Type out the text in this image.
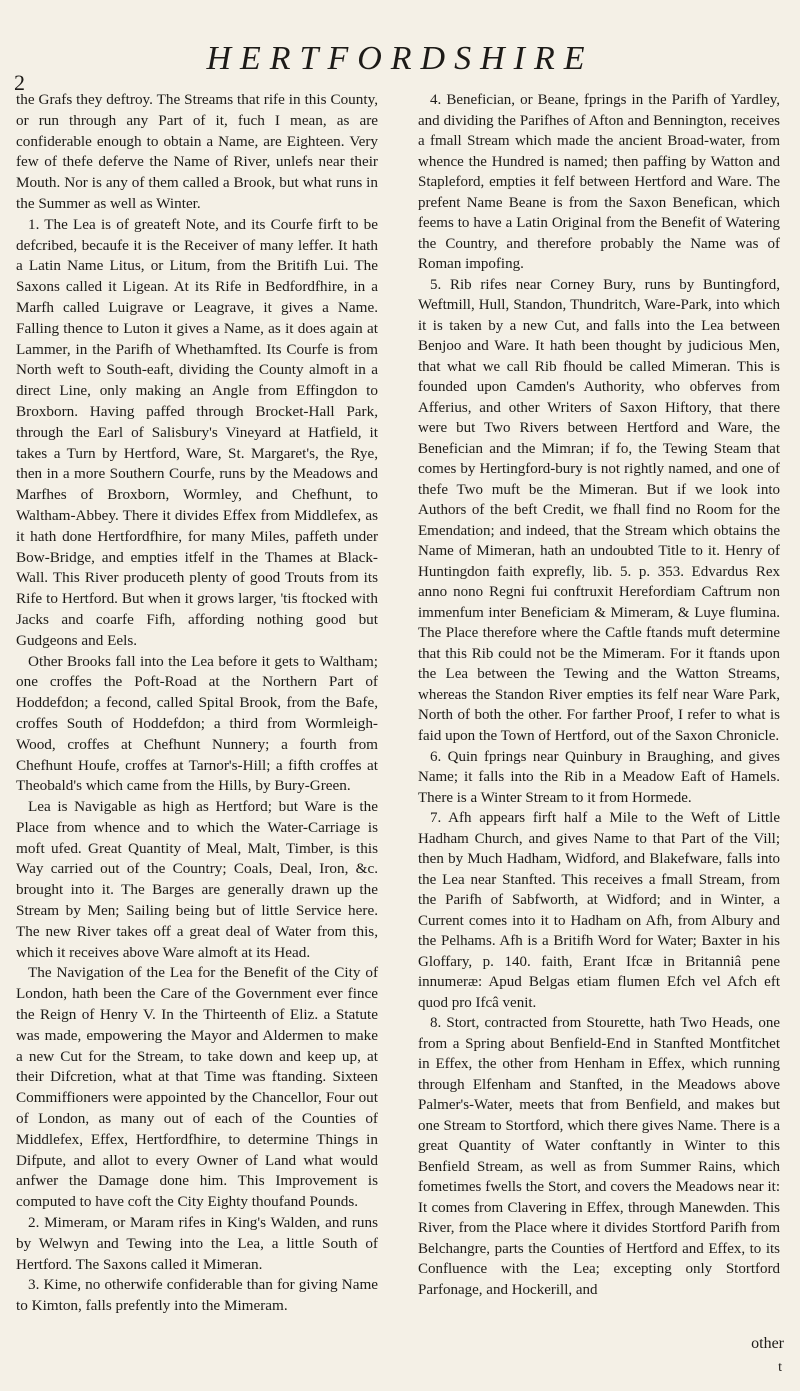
2
HERTFORDSHIRE

the Grafs they deftroy. The Streams that rife in this County, or run through any Part of it, fuch I mean, as are confiderable enough to obtain a Name, are Eighteen. Very few of thefe deferve the Name of River, unlefs near their Mouth. Nor is any of them called a Brook, but what runs in the Summer as well as Winter.

1. The Lea is of greateft Note, and its Courfe firft to be defcribed, becaufe it is the Receiver of many leffer. It hath a Latin Name Litus, or Litum, from the Britifh Lui. The Saxons called it Ligean. At its Rife in Bedfordfhire, in a Marfh called Luigrave or Leagrave, it gives a Name. Falling thence to Luton it gives a Name, as it does again at Lammer, in the Parifh of Whethamfted. Its Courfe is from North weft to South-eaft, dividing the County almoft in a direct Line, only making an Angle from Effingdon to Broxborn. Having paffed through Brocket-Hall Park, through the Earl of Salisbury's Vineyard at Hatfield, it takes a Turn by Hertford, Ware, St. Margaret's, the Rye, then in a more Southern Courfe, runs by the Meadows and Marfhes of Broxborn, Wormley, and Chefhunt, to Waltham-Abbey. There it divides Effex from Middlefex, as it hath done Hertfordfhire, for many Miles, paffeth under Bow-Bridge, and empties itfelf in the Thames at Black-Wall. This River produceth plenty of good Trouts from its Rife to Hertford. But when it grows larger, 'tis ftocked with Jacks and coarfe Fifh, affording nothing good but Gudgeons and Eels.

Other Brooks fall into the Lea before it gets to Waltham; one croffes the Poft-Road at the Northern Part of Hoddefdon; a fecond, called Spital Brook, from the Bafe, croffes South of Hoddefdon; a third from Wormleigh-Wood, croffes at Chefhunt Nunnery; a fourth from Chefhunt Houfe, croffes at Tarnor's-Hill; a fifth croffes at Theobald's which came from the Hills, by Bury-Green.

Lea is Navigable as high as Hertford; but Ware is the Place from whence and to which the Water-Carriage is moft ufed. Great Quantity of Meal, Malt, Timber, is this Way carried out of the Country; Coals, Deal, Iron, &c. brought into it. The Barges are generally drawn up the Stream by Men; Sailing being but of little Service here. The new River takes off a great deal of Water from this, which it receives above Ware almoft at its Head.

The Navigation of the Lea for the Benefit of the City of London, hath been the Care of the Government ever fince the Reign of Henry V. In the Thirteenth of Eliz. a Statute was made, empowering the Mayor and Aldermen to make a new Cut for the Stream, to take down and keep up, at their Difcretion, what at that Time was ftanding. Sixteen Commiffioners were appointed by the Chancellor, Four out of London, as many out of each of the Counties of Middlefex, Effex, Hertfordfhire, to determine Things in Difpute, and allot to every Owner of Land what would anfwer the Damage done him. This Improvement is computed to have coft the City Eighty thoufand Pounds.

2. Mimeram, or Maram rifes in King's Walden, and runs by Welwyn and Tewing into the Lea, a little South of Hertford. The Saxons called it Mimeran.

3. Kime, no otherwife confiderable than for giving Name to Kimton, falls prefently into the Mimeram.

4. Benefician, or Beane, fprings in the Parifh of Yardley, and dividing the Parifhes of Afton and Bennington, receives a fmall Stream which made the ancient Broad-water, from whence the Hundred is named; then paffing by Watton and Stapleford, empties it felf between Hertford and Ware. The prefent Name Beane is from the Saxon Benefican, which feems to have a Latin Original from the Benefit of Watering the Country, and therefore probably the Name was of Roman impofing.

5. Rib rifes near Corney Bury, runs by Buntingford, Weftmill, Hull, Standon, Thundritch, Ware-Park, into which it is taken by a new Cut, and falls into the Lea between Benjoo and Ware. It hath been thought by judicious Men, that what we call Rib fhould be called Mimeran. This is founded upon Camden's Authority, who obferves from Afferius, and other Writers of Saxon Hiftory, that there were but Two Rivers between Hertford and Ware, the Benefician and the Mimran; if fo, the Tewing Steam that comes by Hertingford-bury is not rightly named, and one of thefe Two muft be the Mimeran. But if we look into Authors of the beft Credit, we fhall find no Room for the Emendation; and indeed, that the Stream which obtains the Name of Mimeran, hath an undoubted Title to it. Henry of Huntingdon faith exprefly, lib. 5. p. 353. Edvardus Rex anno nono Regni fui conftruxit Herefordiam Caftrum non immenfum inter Beneficiam & Mimeram, & Luye flumina. The Place therefore where the Caftle ftands muft determine that this Rib could not be the Mimeram. For it ftands upon the Lea between the Tewing and the Watton Streams, whereas the Standon River empties its felf near Ware Park, North of both the other. For farther Proof, I refer to what is faid upon the Town of Hertford, out of the Saxon Chronicle.

6. Quin fprings near Quinbury in Braughing, and gives Name; it falls into the Rib in a Meadow Eaft of Hamels. There is a Winter Stream to it from Hormede.

7. Afh appears firft half a Mile to the Weft of Little Hadham Church, and gives Name to that Part of the Vill; then by Much Hadham, Widford, and Blakefware, falls into the Lea near Stanfted. This receives a fmall Stream, from the Parifh of Sabfworth, at Widford; and in Winter, a Current comes into it to Hadham on Afh, from Albury and the Pelhams. Afh is a Britifh Word for Water; Baxter in his Gloffary, p. 140. faith, Erant Ifcæ in Britanniâ pene innumeræ: Apud Belgas etiam flumen Efch vel Afch eft quod pro Ifcâ venit.

8. Stort, contracted from Stourette, hath Two Heads, one from a Spring about Benfield-End in Stanfted Montfitchet in Effex, the other from Henham in Effex, which running through Elfenham and Stanfted, in the Meadows above Palmer's-Water, meets that from Benfield, and makes but one Stream to Stortford, which there gives Name. There is a great Quantity of Water conftantly in Winter to this Benfield Stream, as well as from Summer Rains, which fometimes fwells the Stort, and covers the Meadows near it: It comes from Clavering in Effex, through Manewden. This River, from the Place where it divides Stortford Parifh from Belchangre, parts the Counties of Hertford and Effex, to its Confluence with the Lea; excepting only Stortford Parfonage, and Hockerill, and

other
t
